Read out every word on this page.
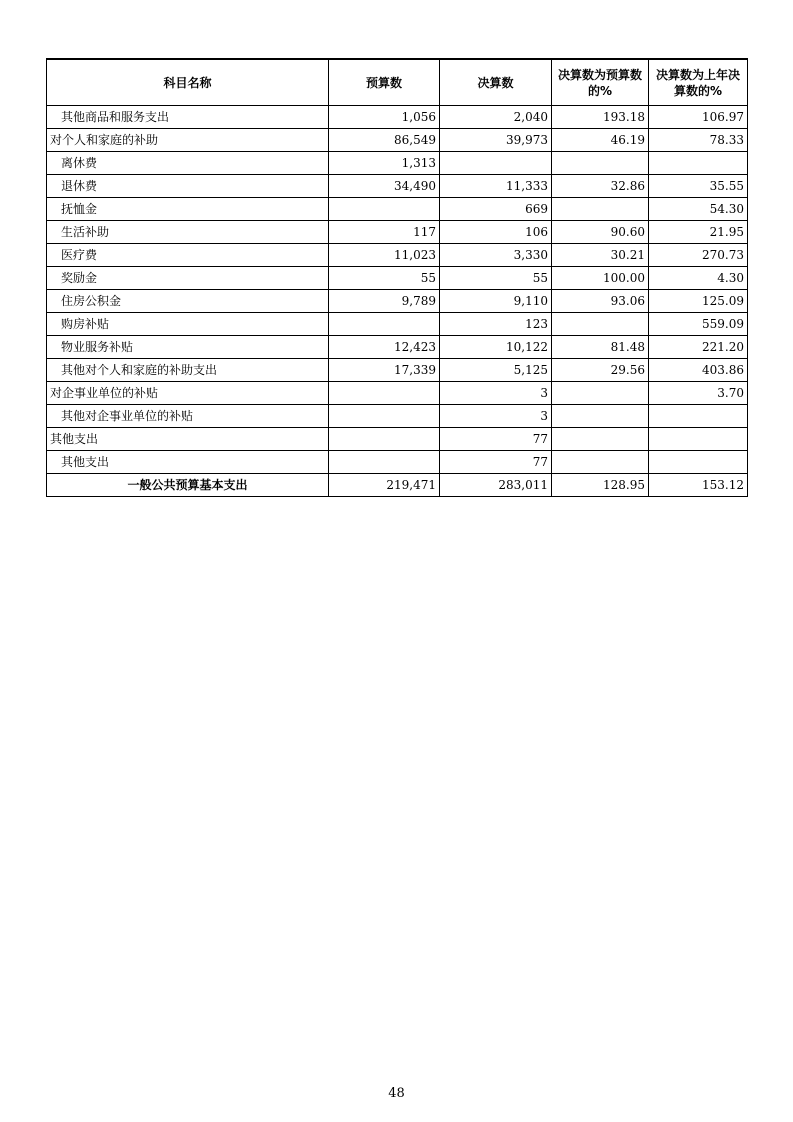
科目名称	预算数	决算数	决算数为预算数的%	决算数为上年决算数的%
其他商品和服务支出	1,056	2,040	193.18	106.97
对个人和家庭的补助	86,549	39,973	46.19	78.33
离休费	1,313			
退休费	34,490	11,333	32.86	35.55
抚恤金		669		54.30
生活补助	117	106	90.60	21.95
医疗费	11,023	3,330	30.21	270.73
奖励金	55	55	100.00	4.30
住房公积金	9,789	9,110	93.06	125.09
购房补贴		123		559.09
物业服务补贴	12,423	10,122	81.48	221.20
其他对个人和家庭的补助支出	17,339	5,125	29.56	403.86
对企事业单位的补贴		3		3.70
其他对企事业单位的补贴		3		
其他支出		77		
其他支出		77		
一般公共预算基本支出	219,471	283,011	128.95	153.12
48
